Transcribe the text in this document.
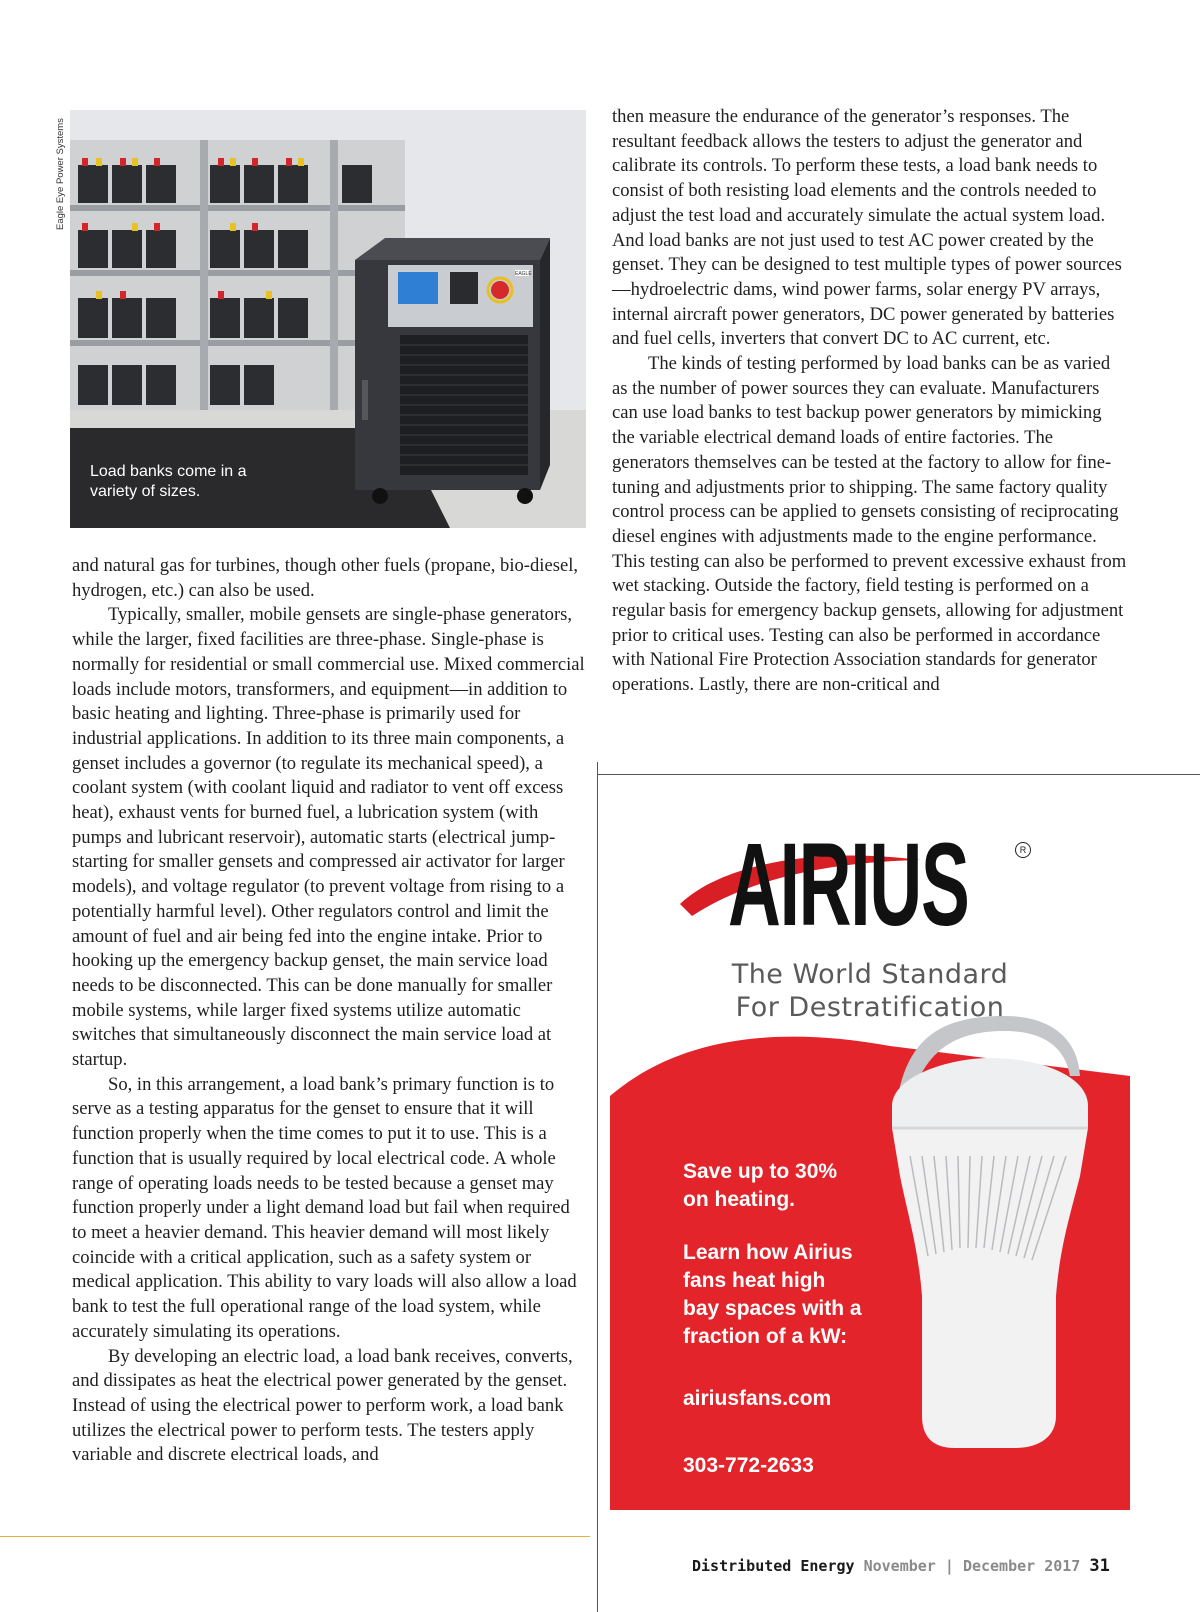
EAGLE

Load banks come in a variety of sizes.

Eagle Eye Power Systems

and natural gas for turbines, though other fuels (propane, bio-diesel, hydrogen, etc.) can also be used.

Typically, smaller, mobile gensets are single-phase generators, while the larger, fixed facilities are three-phase. Single-phase is normally for residential or small commercial use. Mixed commercial loads include motors, transformers, and equipment—in addition to basic heating and lighting. Three-phase is primarily used for industrial applications. In addition to its three main components, a genset includes a governor (to regulate its mechanical speed), a coolant system (with coolant liquid and radiator to vent off excess heat), exhaust vents for burned fuel, a lubrication system (with pumps and lubricant reservoir), automatic starts (electrical jump-starting for smaller gensets and compressed air activator for larger models), and voltage regulator (to prevent voltage from rising to a potentially harmful level). Other regulators control and limit the amount of fuel and air being fed into the engine intake. Prior to hooking up the emergency backup genset, the main service load needs to be disconnected. This can be done manually for smaller mobile systems, while larger fixed systems utilize automatic switches that simultaneously disconnect the main service load at startup.

So, in this arrangement, a load bank’s primary function is to serve as a testing apparatus for the genset to ensure that it will function properly when the time comes to put it to use. This is a function that is usually required by local electrical code. A whole range of operating loads needs to be tested because a genset may function properly under a light demand load but fail when required to meet a heavier demand. This heavier demand will most likely coincide with a critical application, such as a safety system or medical application. This ability to vary loads will also allow a load bank to test the full operational range of the load system, while accurately simulating its operations.

By developing an electric load, a load bank receives, converts, and dissipates as heat the electrical power generated by the genset. Instead of using the electrical power to perform work, a load bank utilizes the electrical power to perform tests. The testers apply variable and discrete electrical loads, and

then measure the endurance of the generator’s responses. The resultant feedback allows the testers to adjust the generator and calibrate its controls. To perform these tests, a load bank needs to consist of both resisting load elements and the controls needed to adjust the test load and accurately simulate the actual system load. And load banks are not just used to test AC power created by the genset. They can be designed to test multiple types of power sources—hydroelectric dams, wind power farms, solar energy PV arrays, internal aircraft power generators, DC power generated by batteries and fuel cells, inverters that convert DC to AC current, etc.

The kinds of testing performed by load banks can be as varied as the number of power sources they can evaluate. Manufacturers can use load banks to test backup power generators by mimicking the variable electrical demand loads of entire factories. The generators themselves can be tested at the factory to allow for fine-tuning and adjustments prior to shipping. The same factory quality control process can be applied to gensets consisting of reciprocating diesel engines with adjustments made to the engine performance. This testing can also be performed to prevent excessive exhaust from wet stacking. Outside the factory, field testing is performed on a regular basis for emergency backup gensets, allowing for adjustment prior to critical uses. Testing can also be performed in accordance with National Fire Protection Association standards for generator operations. Lastly, there are non-critical and

AIRIUS	R
The World Standard
For Destratification
Save up to 30%
on heating.
Learn how Airius
fans heat high
bay spaces with a
fraction of a kW:
airiusfans.com
303-772-2633

Distributed Energy November | December 2017 31
